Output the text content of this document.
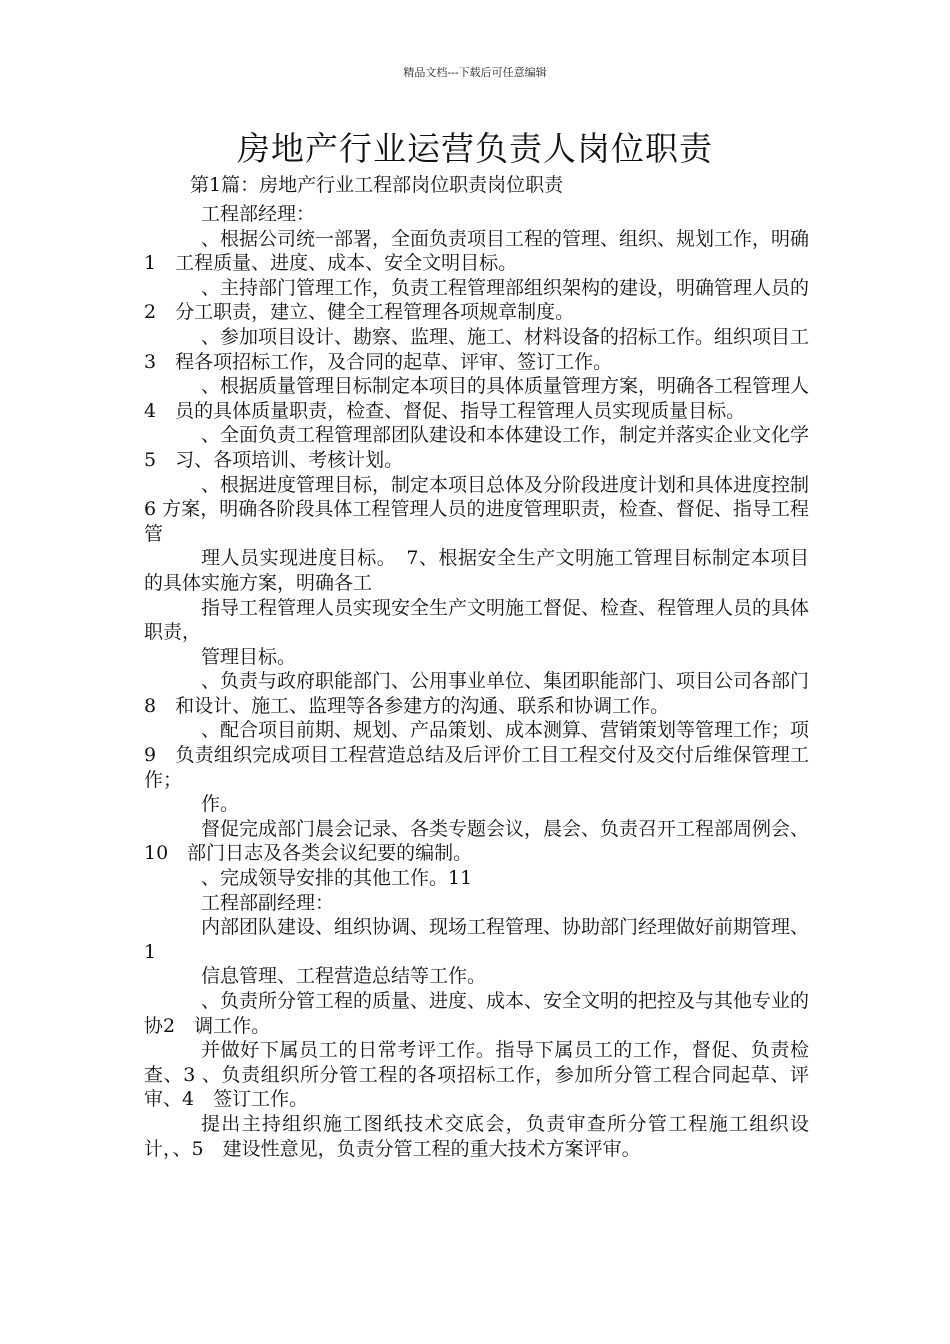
精品文档---下载后可任意编辑
房地产行业运营负责人岗位职责
第1篇：房地产行业工程部岗位职责岗位职责

工程部经理：

、根据公司统一部署，全面负责项目工程的管理、组织、规划工作，明确1　工程质量、进度、成本、安全文明目标。

、主持部门管理工作，负责工程管理部组织架构的建设，明确管理人员的2　分工职责，建立、健全工程管理各项规章制度。

、参加项目设计、勘察、监理、施工、材料设备的招标工作。组织项目工3　程各项招标工作，及合同的起草、评审、签订工作。

、根据质量管理目标制定本项目的具体质量管理方案，明确各工程管理人4　员的具体质量职责，检查、督促、指导工程管理人员实现质量目标。

、全面负责工程管理部团队建设和本体建设工作，制定并落实企业文化学5　习、各项培训、考核计划。

、根据进度管理目标，制定本项目总体及分阶段进度计划和具体进度控制6 方案，明确各阶段具体工程管理人员的进度管理职责，检查、督促、指导工程管

理人员实现进度目标。　7、根据安全生产文明施工管理目标制定本项目的具体实施方案，明确各工

指导工程管理人员实现安全生产文明施工督促、检查、程管理人员的具体职责，

管理目标。

、负责与政府职能部门、公用事业单位、集团职能部门、项目公司各部门8　和设计、施工、监理等各参建方的沟通、联系和协调工作。

、配合项目前期、规划、产品策划、成本测算、营销策划等管理工作；项9　负责组织完成项目工程营造总结及后评价工目工程交付及交付后维保管理工作；

作。

督促完成部门晨会记录、各类专题会议，晨会、负责召开工程部周例会、10　部门日志及各类会议纪要的编制。

、完成领导安排的其他工作。11

工程部副经理：

内部团队建设、组织协调、现场工程管理、协助部门经理做好前期管理、1

信息管理、工程营造总结等工作。

、负责所分管工程的质量、进度、成本、安全文明的把控及与其他专业的协2　调工作。

并做好下属员工的日常考评工作。指导下属员工的工作，督促、负责检查、3 、负责组织所分管工程的各项招标工作，参加所分管工程合同起草、评审、4　签订工作。

提出主持组织施工图纸技术交底会，负责审查所分管工程施工组织设计，、5　建设性意见，负责分管工程的重大技术方案评审。
